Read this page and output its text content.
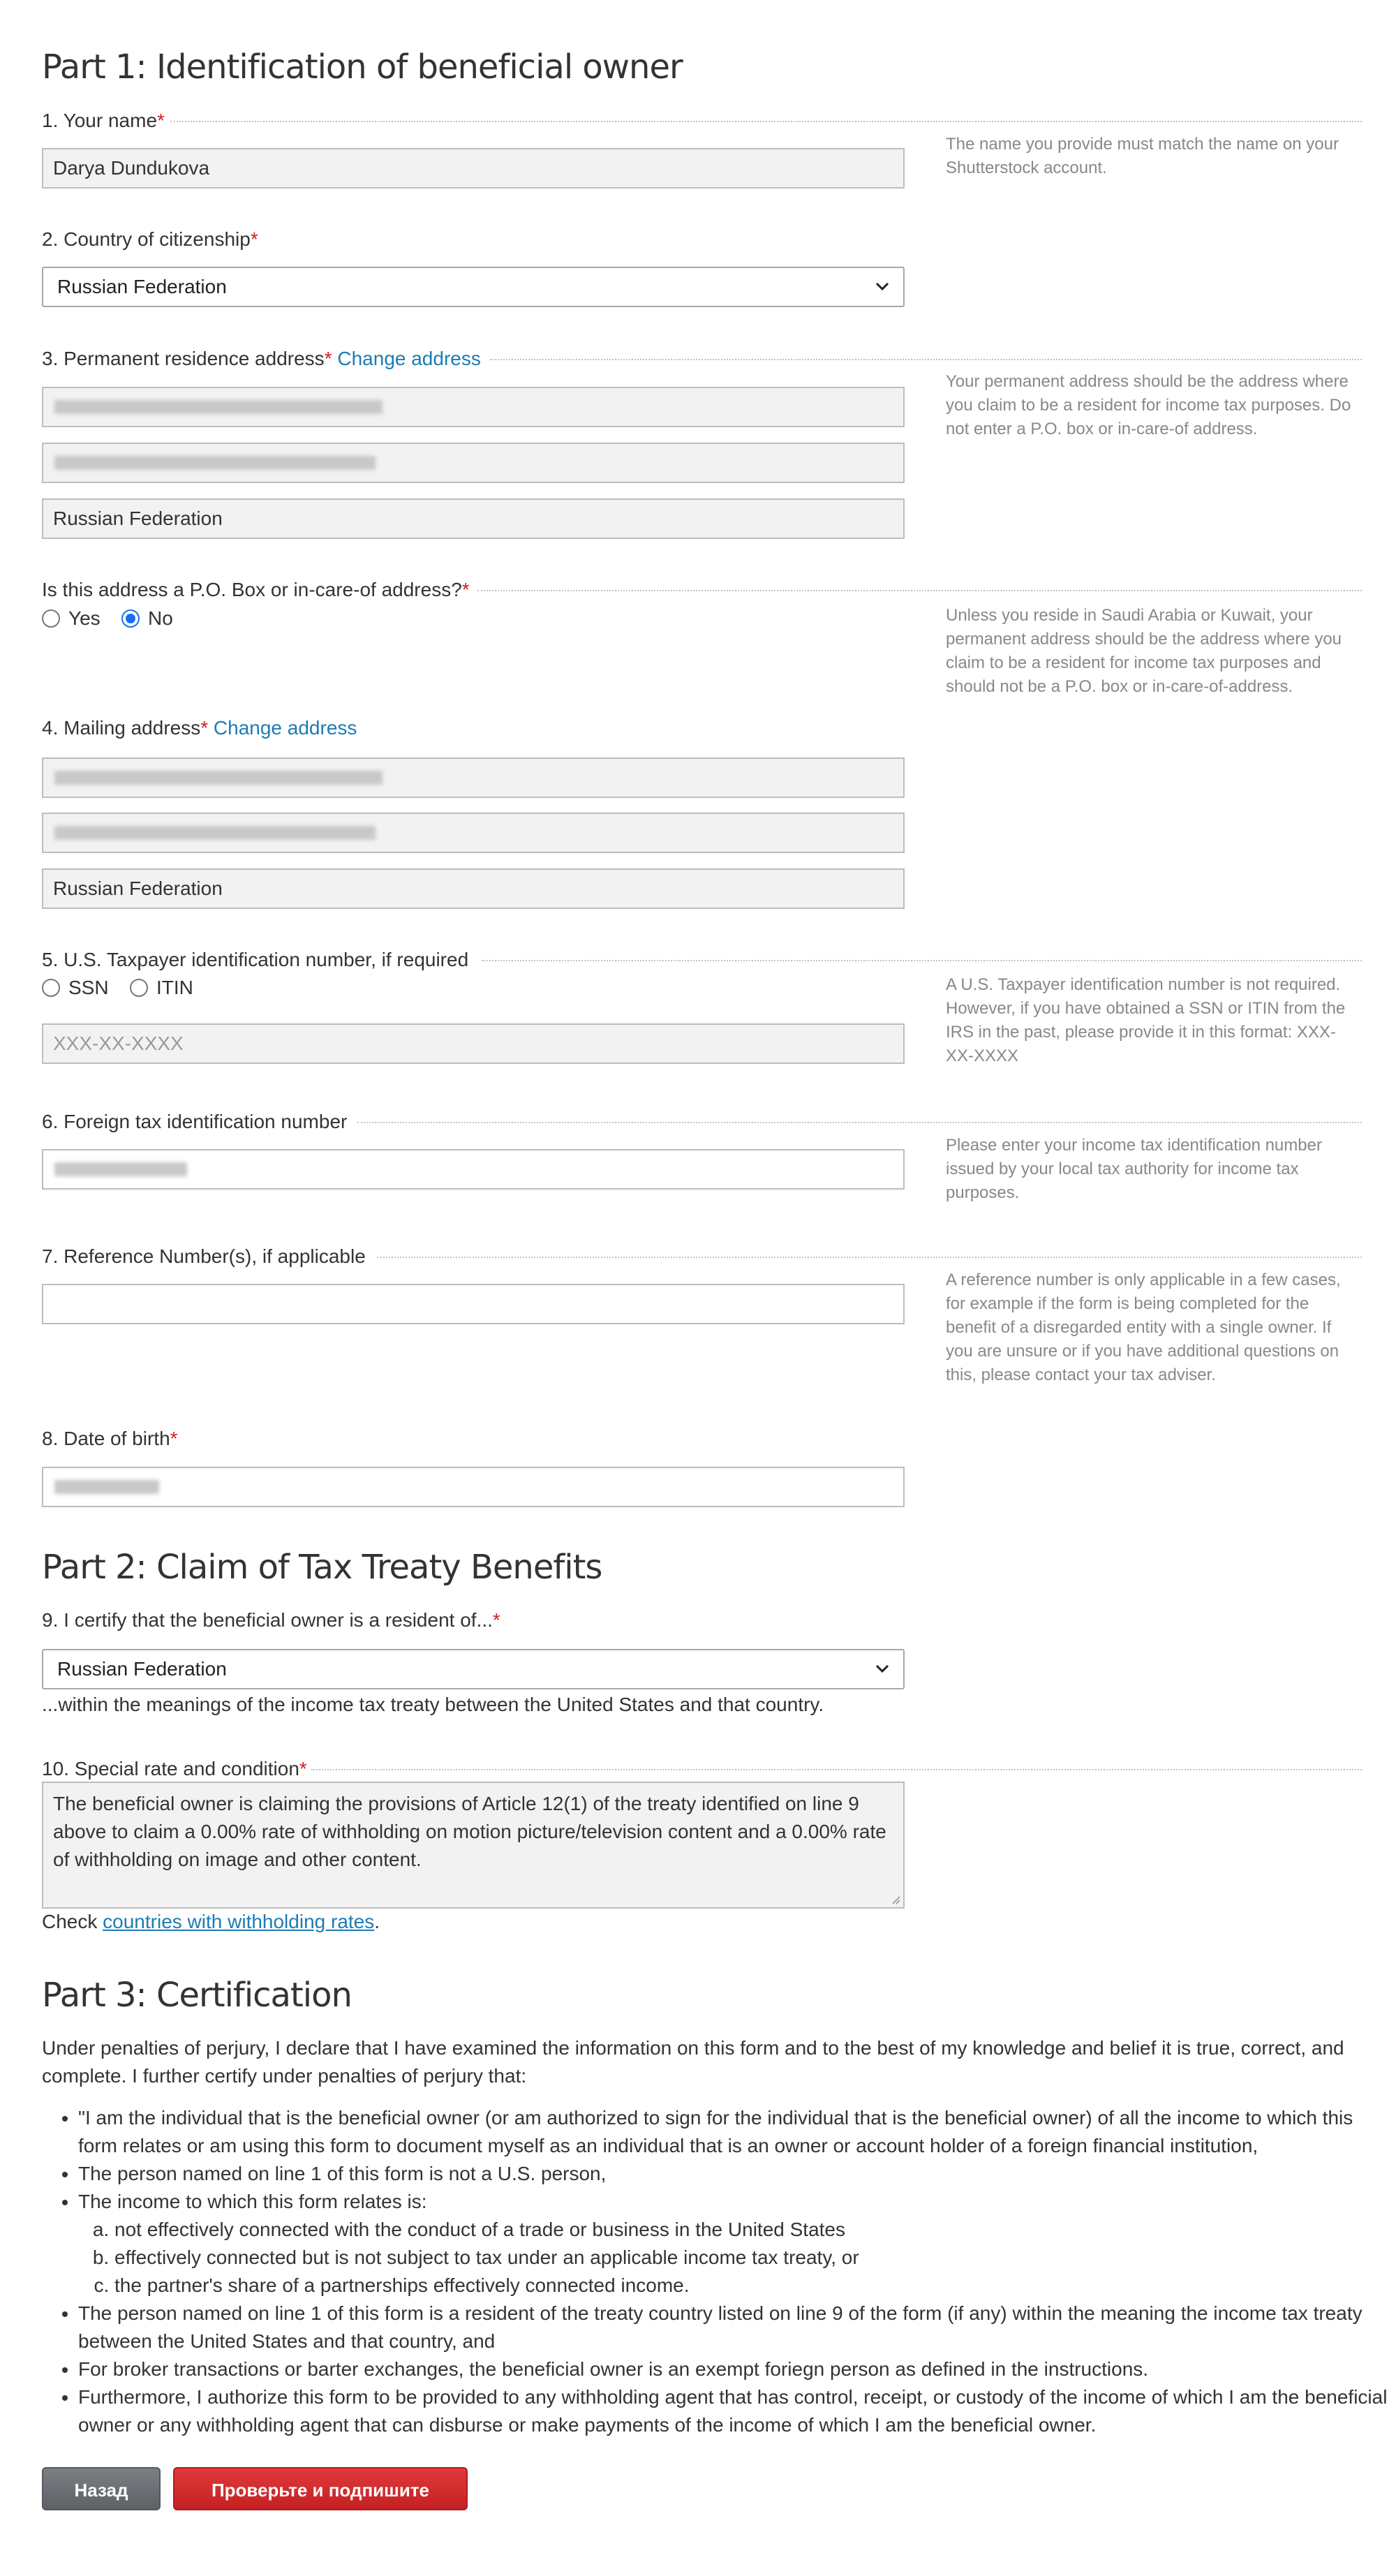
Part 1: Identification of beneficial owner
1. Your name*
Darya Dundukova
The name you provide must match the name on your Shutterstock account.
2. Country of citizenship*
Russian Federation
3. Permanent residence address* Change address
Russian Federation
Your permanent address should be the address where you claim to be a resident for income tax purposes. Do not enter a P.O. box or in-care-of address.
Is this address a P.O. Box or in-care-of address?*
Yes No	Unless you reside in Saudi Arabia or Kuwait, your permanent address should be the address where you claim to be a resident for income tax purposes and should not be a P.O. box or in-care-of-address.
4. Mailing address* Change address
Russian Federation
5. U.S. Taxpayer identification number, if required
SSN ITIN
XXX-XX-XXXX
A U.S. Taxpayer identification number is not required. However, if you have obtained a SSN or ITIN from the IRS in the past, please provide it in this format: XXX-XX-XXXX
6. Foreign tax identification number
Please enter your income tax identification number issued by your local tax authority for income tax purposes.
7. Reference Number(s), if applicable
A reference number is only applicable in a few cases, for example if the form is being completed for the benefit of a disregarded entity with a single owner. If you are unsure or if you have additional questions on this, please contact your tax adviser.
8. Date of birth*
Part 2: Claim of Tax Treaty Benefits
9. I certify that the beneficial owner is a resident of...*
Russian Federation
...within the meanings of the income tax treaty between the United States and that country.
10. Special rate and condition*
The beneficial owner is claiming the provisions of Article 12(1) of the treaty identified on line 9 above to claim a 0.00% rate of withholding on motion picture/television content and a 0.00% rate of withholding on image and other content.
Check countries with withholding rates.
Part 3: Certification
Under penalties of perjury, I declare that I have examined the information on this form and to the best of my knowledge and belief it is true, correct, and complete. I further certify under penalties of perjury that:
• "I am the individual that is the beneficial owner (or am authorized to sign for the individual that is the beneficial owner) of all the income to which this form relates or am using this form to document myself as an individual that is an owner or account holder of a foreign financial institution,
• The person named on line 1 of this form is not a U.S. person,
• The income to which this form relates is:
a. not effectively connected with the conduct of a trade or business in the United States
b. effectively connected but is not subject to tax under an applicable income tax treaty, or
c. the partner's share of a partnerships effectively connected income.
• The person named on line 1 of this form is a resident of the treaty country listed on line 9 of the form (if any) within the meaning the income tax treaty between the United States and that country, and
• For broker transactions or barter exchanges, the beneficial owner is an exempt foriegn person as defined in the instructions.
• Furthermore, I authorize this form to be provided to any withholding agent that has control, receipt, or custody of the income of which I am the beneficial owner or any withholding agent that can disburse or make payments of the income of which I am the beneficial owner.
Назад	Проверьте и подпишите
